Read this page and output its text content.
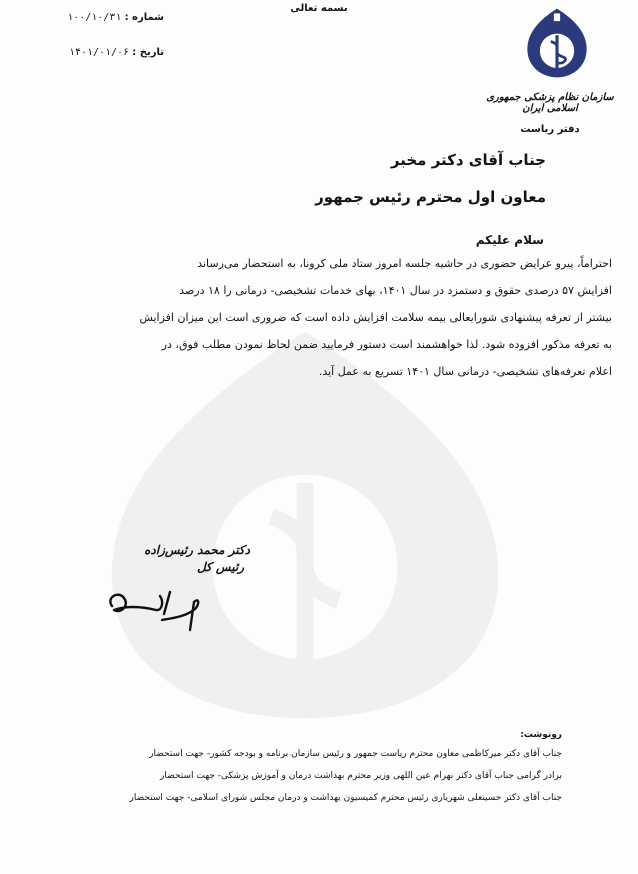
بسمه تعالی
شماره : ۱۰۰/۱۰/۳۱
تاریخ : ۱۴۰۱/۰۱/۰۶
سازمان نظام پزشکی جمهوری اسلامی ایران
دفتر ریاست
جناب آقای دکتر مخبر
معاون اول محترم رئیس جمهور
سلام علیکم
احتراماً، پیرو عرایض حضوری در حاشیه جلسه امروز ستاد ملی کرونا، به استحضار می‌رساند
افزایش ۵۷ درصدی حقوق و دستمزد در سال ۱۴۰۱، بهای خدمات تشخیصی- درمانی را ۱۸ درصد
بیشتر از تعرفه پیشنهادی شورایعالی بیمه سلامت افزایش داده است که ضروری است این میزان افزایش
به تعرفه مذکور افزوده شود. لذا خواهشمند است دستور فرمایید ضمن لحاظ نمودن مطلب فوق، در
اعلام تعرفه‌های تشخیصی- درمانی سال ۱۴۰۱ تسریع به عمل آید.
دکتر محمد رئیس‌زاده
رئیس کل
رونوشت:
جناب آقای دکتر میرکاظمی معاون محترم ریاست جمهور و رئیس سازمان برنامه و بودجه کشور- جهت استحضار
برادر گرامی جناب آقای دکتر بهرام عین اللهی وزیر محترم بهداشت درمان و آموزش پزشکی- جهت استحضار
جناب آقای دکتر حسینعلی شهریاری رئیس محترم کمیسیون بهداشت و درمان مجلس شورای اسلامی- جهت استحضار
